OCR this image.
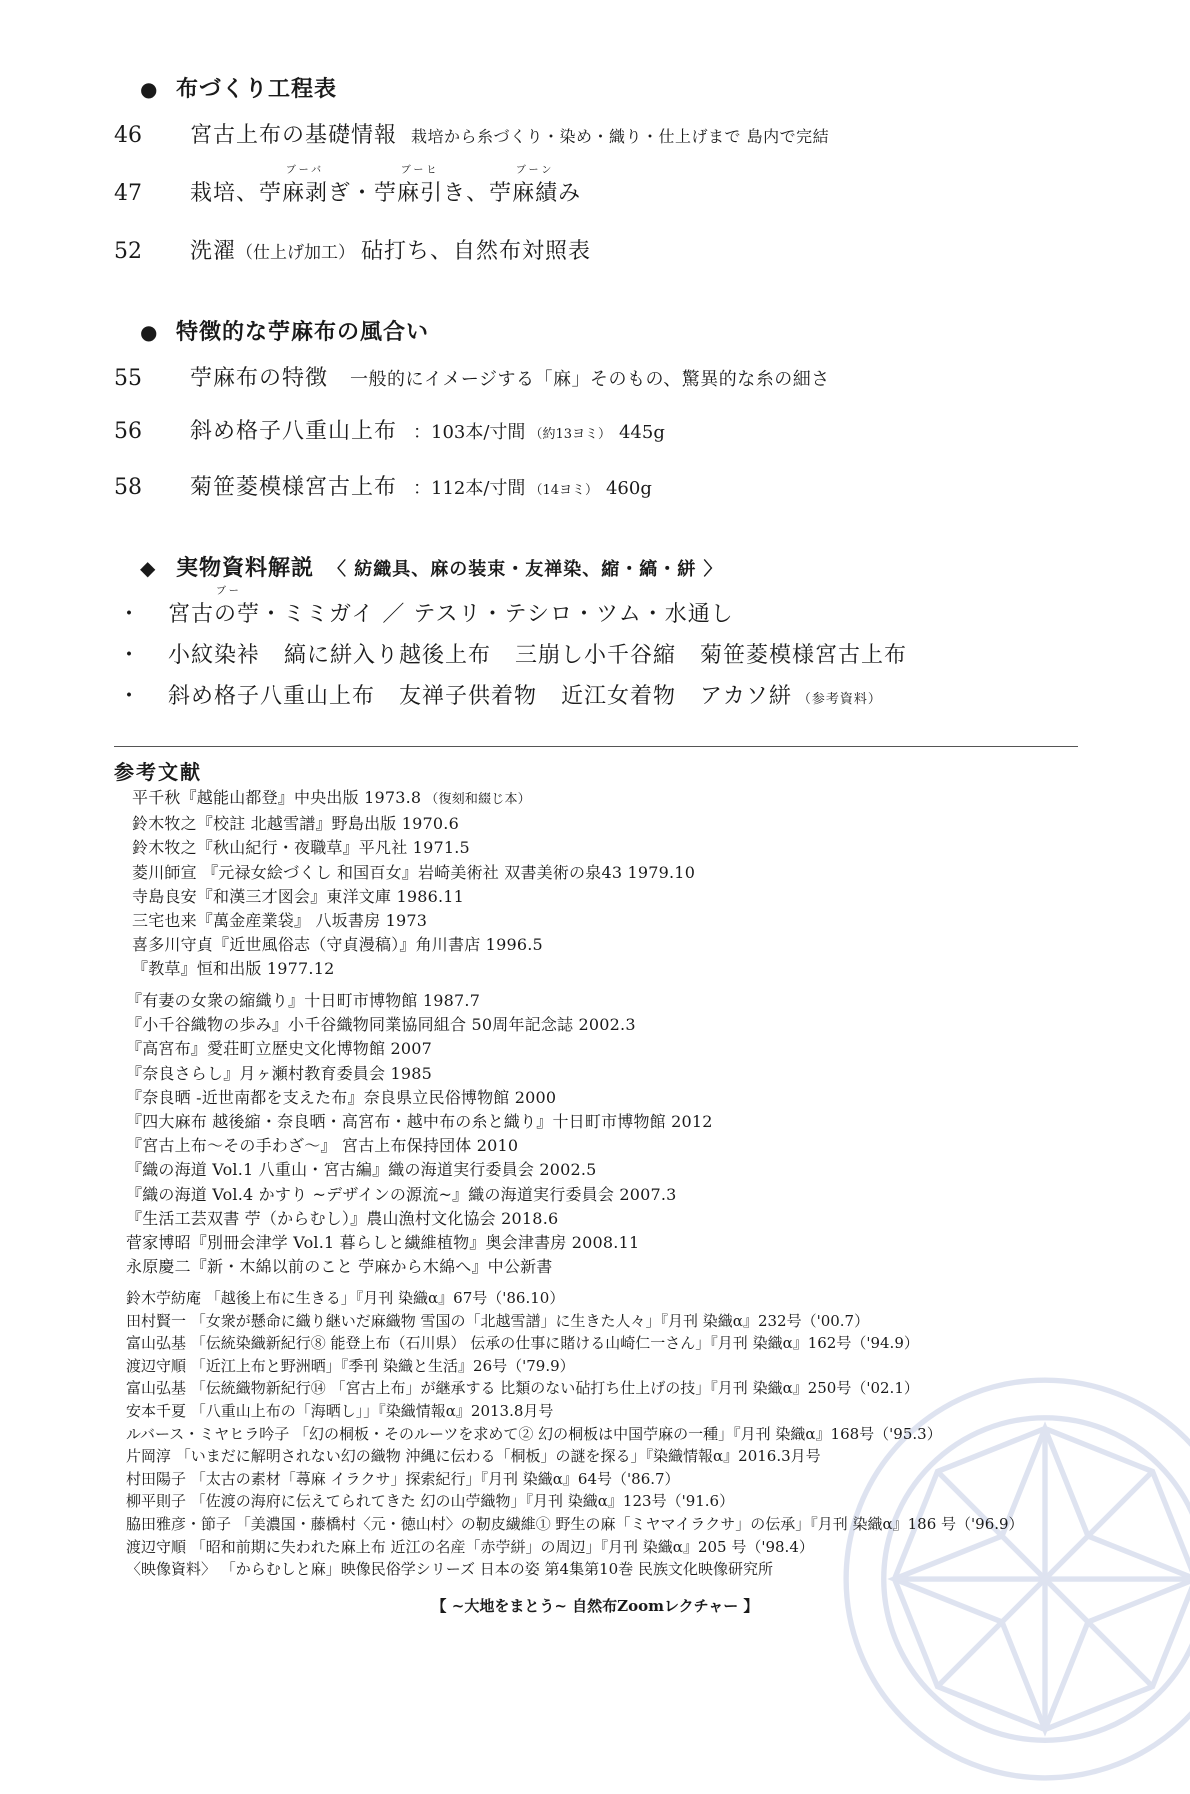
● 布づくり工程表
46 宮古上布の基礎情報 栽培から糸づくり・染め・織り・仕上げまで 島内で完結
47 栽培、
ブーバ
苧麻剥ぎ・
ブーヒ
苧麻引き、
ブーン
苧麻績み
52 洗濯（仕上げ加工） 砧打ち、自然布対照表
● 特徴的な苧麻布の風合い
55 苧麻布の特徴 一般的にイメージする「麻」そのもの、驚異的な糸の細さ
56 斜め格子八重山上布 ：103本/寸間 （約13ヨミ） 445g
58 菊笹菱模様宮古上布 ：112本/寸間 （14ヨミ） 460g
◆ 実物資料解説 〈 紡織具、麻の装束・友禅染、縮・縞・絣 〉
・
ブー
宮古の苧・ミミガイ ／ テスリ・テシロ・ツム・水通し
・ 小紋染裃 縞に絣入り越後上布 三崩し小千谷縮 菊笹菱模様宮古上布
・ 斜め格子八重山上布 友禅子供着物 近江女着物 アカソ絣 （参考資料）
参考文献
平千秋『越能山都登』中央出版 1973.8 （復刻和綴じ本）
鈴木牧之『校註 北越雪譜』野島出版 1970.6
鈴木牧之『秋山紀行・夜職草』平凡社 1971.5
菱川師宣 『元禄女絵づくし 和国百女』岩崎美術社 双書美術の泉43 1979.10
寺島良安『和漢三才図会』東洋文庫 1986.11
三宅也来『萬金産業袋』 八坂書房 1973
喜多川守貞『近世風俗志（守貞漫稿）』角川書店 1996.5
『教草』恒和出版 1977.12
『有妻の女衆の縮織り』十日町市博物館 1987.7
『小千谷織物の歩み』小千谷織物同業協同組合 50周年記念誌 2002.3
『高宮布』愛荘町立歴史文化博物館 2007
『奈良さらし』月ヶ瀬村教育委員会 1985
『奈良晒 -近世南都を支えた布』奈良県立民俗博物館 2000
『四大麻布 越後縮・奈良晒・高宮布・越中布の糸と織り』十日町市博物館 2012
『宮古上布〜その手わざ〜』 宮古上布保持団体 2010
『織の海道 Vol.1 八重山・宮古編』織の海道実行委員会 2002.5
『織の海道 Vol.4 かすり ~デザインの源流~』織の海道実行委員会 2007.3
『生活工芸双書 苧（からむし）』農山漁村文化協会 2018.6
菅家博昭『別冊会津学 Vol.1 暮らしと繊維植物』奥会津書房 2008.11
永原慶二『新・木綿以前のこと 苧麻から木綿へ』中公新書
鈴木苧紡庵 「越後上布に生きる」『月刊 染織α』67号（'86.10）
田村賢一 「女衆が懸命に織り継いだ麻織物 雪国の「北越雪譜」に生きた人々」『月刊 染織α』232号（'00.7）
富山弘基 「伝統染織新紀行⑧ 能登上布（石川県） 伝承の仕事に賭ける山崎仁一さん」『月刊 染織α』162号（'94.9）
渡辺守順 「近江上布と野洲晒」『季刊 染織と生活』26号（'79.9）
富山弘基 「伝統織物新紀行⑭ 「宮古上布」が継承する 比類のない砧打ち仕上げの技」『月刊 染織α』250号（'02.1）
安本千夏 「八重山上布の「海晒し」」『染織情報α』2013.8月号
ルバース・ミヤヒラ吟子 「幻の桐板・そのルーツを求めて② 幻の桐板は中国苧麻の一種」『月刊 染織α』168号（'95.3）
片岡淳 「いまだに解明されない幻の織物 沖縄に伝わる「桐板」の謎を探る」『染織情報α』2016.3月号
村田陽子 「太古の素材「蕁麻 イラクサ」探索紀行」『月刊 染織α』64号（'86.7）
柳平則子 「佐渡の海府に伝えてられてきた 幻の山苧織物」『月刊 染織α』123号（'91.6）
脇田雅彦・節子 「美濃国・藤橋村〈元・徳山村〉の靭皮繊維① 野生の麻「ミヤマイラクサ」の伝承」『月刊 染織α』186 号（'96.9）
渡辺守順 「昭和前期に失われた麻上布 近江の名産「赤苧絣」の周辺」『月刊 染織α』205 号（'98.4）
〈映像資料〉 「からむしと麻」映像民俗学シリーズ 日本の姿 第4集第10巻 民族文化映像研究所
【 ~大地をまとう~ 自然布Zoomレクチャー 】
